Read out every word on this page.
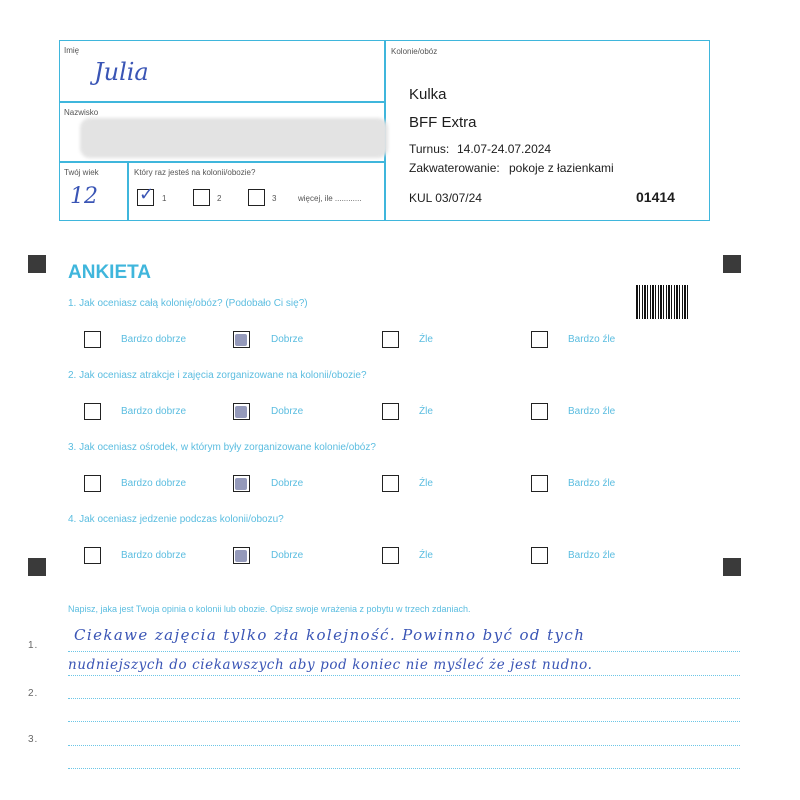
Imię
Julia
Nazwisko
Twój wiek
12
Który raz jesteś na kolonii/obozie?
✓ 1	2	3	więcej, ile ............
Kolonie/obóz
Kulka
BFF Extra
Turnus: 14.07-24.07.2024
Zakwaterowanie: pokoje z łazienkami
KUL 03/07/24	01414
ANKIETA
1. Jak oceniasz całą kolonię/obóz? (Podobało Ci się?)
2. Jak oceniasz atrakcje i zajęcia zorganizowane na kolonii/obozie?
3. Jak oceniasz ośrodek, w którym były zorganizowane kolonie/obóz?
4. Jak oceniasz jedzenie podczas kolonii/obozu?
Bardzo dobrze	Dobrze	Źle	Bardzo źle
Bardzo dobrze	Dobrze	Źle	Bardzo źle
Bardzo dobrze	Dobrze	Źle	Bardzo źle
Bardzo dobrze	Dobrze	Źle	Bardzo źle
Napisz, jaka jest Twoja opinia o kolonii lub obozie. Opisz swoje wrażenia z pobytu w trzech zdaniach.
1.
2.
3.
Ciekawe zajęcia tylko zła kolejność. Powinno być od tych
nudniejszych do ciekawszych aby pod koniec nie myśleć że jest nudno.
